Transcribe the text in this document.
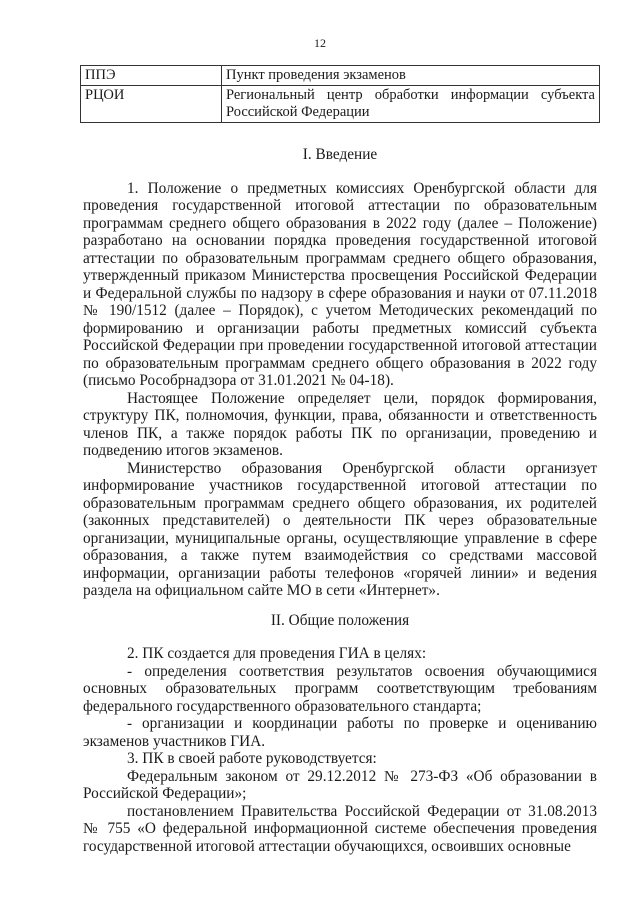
12
ППЭ	Пункт проведения экзаменов
РЦОИ	Региональный центр обработки информации субъекта Российской Федерации
I. Введение

1. Положение о предметных комиссиях Оренбургской области для проведения государственной итоговой аттестации по образовательным программам среднего общего образования в 2022 году (далее – Положение) разработано на основании порядка проведения государственной итоговой аттестации по образовательным программам среднего общего образования, утвержденный приказом Министерства просвещения Российской Федерации и Федеральной службы по надзору в сфере образования и науки от 07.11.2018 № 190/1512 (далее – Порядок), с учетом Методических рекомендаций по формированию и организации работы предметных комиссий субъекта Российской Федерации при проведении государственной итоговой аттестации по образовательным программам среднего общего образования в 2022 году (письмо Рособрнадзора от 31.01.2021 № 04-18).

Настоящее Положение определяет цели, порядок формирования, структуру ПК, полномочия, функции, права, обязанности и ответственность членов ПК, а также порядок работы ПК по организации, проведению и подведению итогов экзаменов.

Министерство образования Оренбургской области организует информирование участников государственной итоговой аттестации по образовательным программам среднего общего образования, их родителей (законных представителей) о деятельности ПК через образовательные организации, муниципальные органы, осуществляющие управление в сфере образования, а также путем взаимодействия со средствами массовой информации, организации работы телефонов «горячей линии» и ведения раздела на официальном сайте МО в сети «Интернет».

II. Общие положения

2. ПК создается для проведения ГИА в целях:

- определения соответствия результатов освоения обучающимися основных образовательных программ соответствующим требованиям федерального государственного образовательного стандарта;

- организации и координации работы по проверке и оцениванию экзаменов участников ГИА.

3. ПК в своей работе руководствуется:

Федеральным законом от 29.12.2012 № 273-ФЗ «Об образовании в Российской Федерации»;

постановлением Правительства Российской Федерации от 31.08.2013 № 755 «О федеральной информационной системе обеспечения проведения государственной итоговой аттестации обучающихся, освоивших основные
